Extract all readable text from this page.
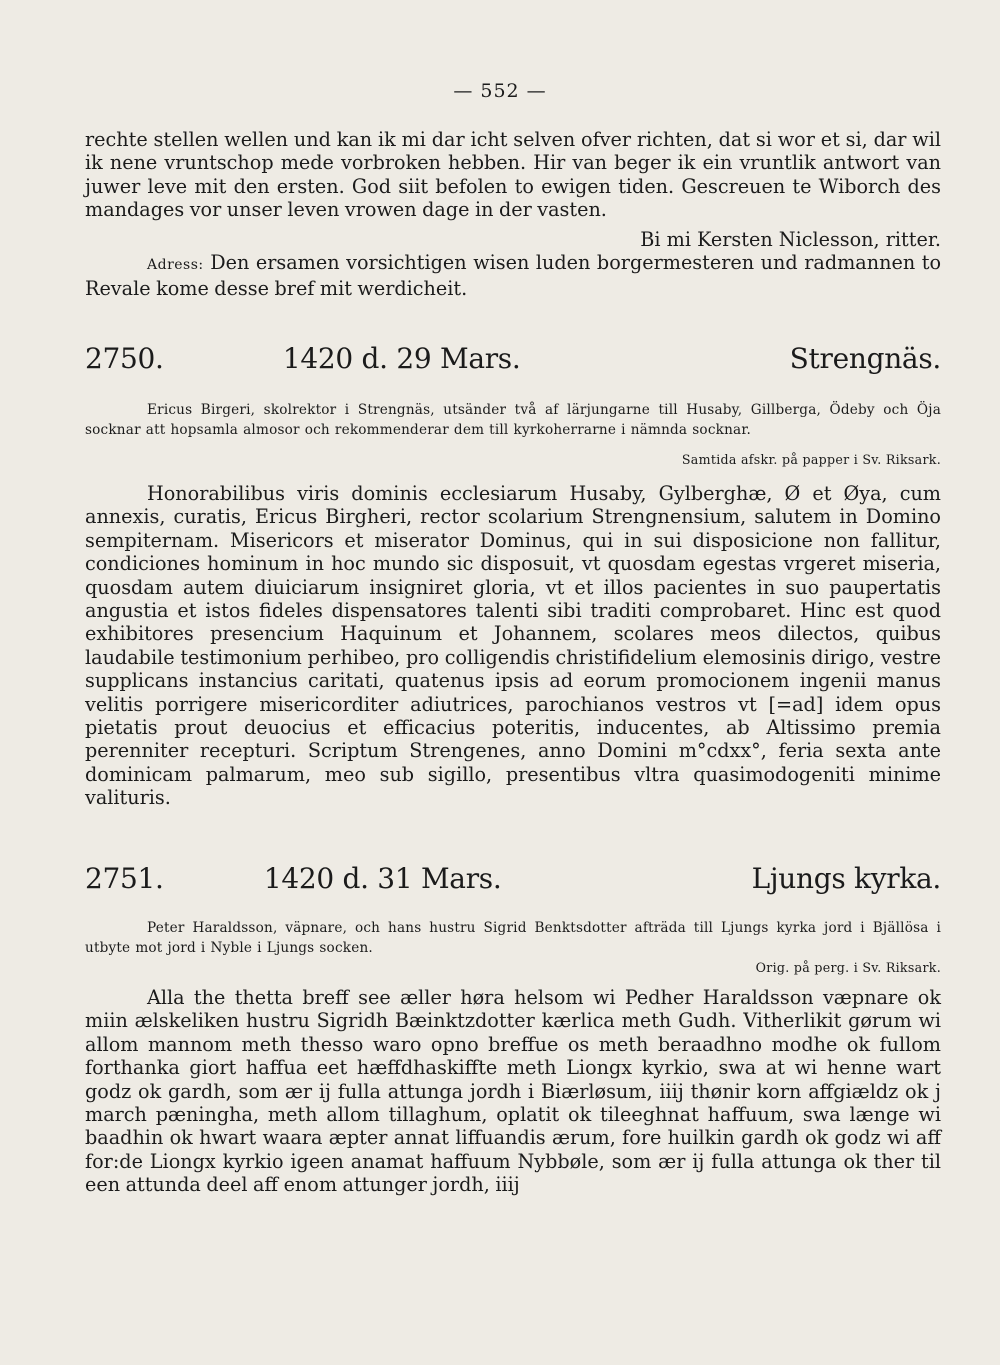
— 552 —

rechte stellen wellen und kan ik mi dar icht selven ofver richten, dat si wor et si, dar wil ik nene vruntschop mede vorbroken hebben. Hir van beger ik ein vruntlik antwort van juwer leve mit den ersten. God siit befolen to ewigen tiden. Gescreuen te Wiborch des mandages vor unser leven vrowen dage in der vasten.

Bi mi Kersten Niclesson, ritter.

Adress: Den ersamen vorsichtigen wisen luden borgermesteren und radmannen to Revale kome desse bref mit werdicheit.

2750.	1420 d. 29 Mars.	Strengnäs.

Ericus Birgeri, skolrektor i Strengnäs, utsänder två af lärjungarne till Husaby, Gillberga, Ödeby och Öja socknar att hopsamla almosor och rekommenderar dem till kyrkoherrarne i nämnda socknar.

Samtida afskr. på papper i Sv. Riksark.

Honorabilibus viris dominis ecclesiarum Husaby, Gylberghæ, Ø et Øya, cum annexis, curatis, Ericus Birgheri, rector scolarium Strengnensium, salutem in Domino sempiternam. Misericors et miserator Dominus, qui in sui disposicione non fallitur, condiciones hominum in hoc mundo sic disposuit, vt quosdam egestas vrgeret miseria, quosdam autem diuiciarum insigniret gloria, vt et illos pacientes in suo paupertatis angustia et istos fideles dispensatores talenti sibi traditi comprobaret. Hinc est quod exhibitores presencium Haquinum et Johannem, scolares meos dilectos, quibus laudabile testimonium perhibeo, pro colligendis christifidelium elemosinis dirigo, vestre supplicans instancius caritati, quatenus ipsis ad eorum promocionem ingenii manus velitis porrigere misericorditer adiutrices, parochianos vestros vt [=ad] idem opus pietatis prout deuocius et efficacius poteritis, inducentes, ab Altissimo premia perenniter recepturi. Scriptum Strengenes, anno Domini m°cdxx°, feria sexta ante dominicam palmarum, meo sub sigillo, presentibus vltra quasimodogeniti minime valituris.

2751.	1420 d. 31 Mars.	Ljungs kyrka.

Peter Haraldsson, väpnare, och hans hustru Sigrid Benktsdotter afträda till Ljungs kyrka jord i Bjällösa i utbyte mot jord i Nyble i Ljungs socken.

Orig. på perg. i Sv. Riksark.

Alla the thetta breff see æller høra helsom wi Pedher Haraldsson væpnare ok miin ælskeliken hustru Sigridh Bæinktzdotter kærlica meth Gudh. Vitherlikit gørum wi allom mannom meth thesso waro opno breffue os meth beraadhno modhe ok fullom forthanka giort haffua eet hæffdhaskiffte meth Liongx kyrkio, swa at wi henne wart godz ok gardh, som ær ij fulla attunga jordh i Biærløsum, iiij thønir korn affgiældz ok j march pæningha, meth allom tillaghum, oplatit ok tileeghnat haffuum, swa længe wi baadhin ok hwart waara æpter annat liffuandis ærum, fore huilkin gardh ok godz wi aff for:de Liongx kyrkio igeen anamat haffuum Nybbøle, som ær ij fulla attunga ok ther til een attunda deel aff enom attunger jordh, iiij
